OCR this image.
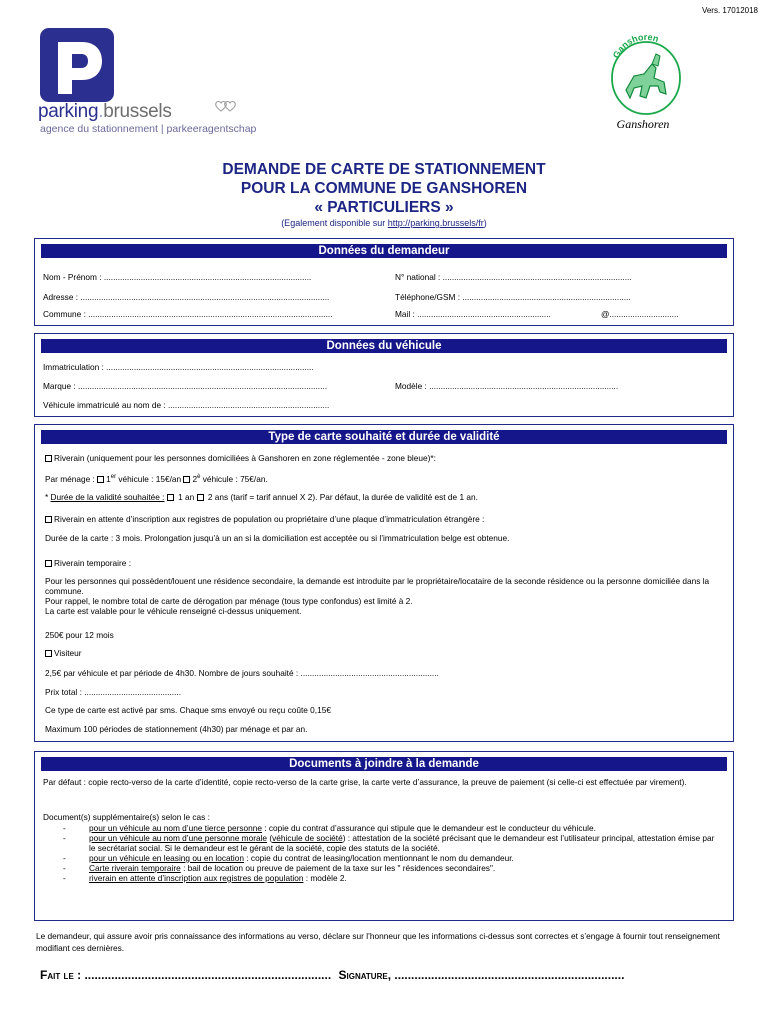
Vers. 17012018
parking.brussels
agence du stationnement | parkeeragentschap
Ganshoren
Ganshoren
DEMANDE DE CARTE DE STATIONNEMENT
POUR LA COMMUNE DE GANSHOREN
« PARTICULIERS »
(Egalement disponible sur http://parking.brussels/fr)
Données du demandeur
Nom - Prénom : ..........................................................................................	N° national : ..................................................................................
Adresse : ............................................................................................................	Téléphone/GSM : .........................................................................
Commune : ..........................................................................................................	Mail : ..........................................................	@..............................
Données du véhicule
Immatriculation : ..........................................................................................
Marque : ............................................................................................................	Modèle : ..................................................................................
Véhicule immatriculé au nom de : ......................................................................
Type de carte souhaité et durée de validité
Riverain (uniquement pour les personnes domiciliées à Ganshoren en zone réglementée - zone bleue)*:
Par ménage : 1er véhicule : 15€/an $2^è$ véhicule : 75€/an.
* Durée de la validité souhaitée :  1 an  2 ans (tarif = tarif annuel X 2). Par défaut, la durée de validité est de 1 an.
Riverain en attente d’inscription aux registres de population ou propriétaire d’une plaque d’immatriculation étrangère :
Durée de la carte : 3 mois. Prolongation jusqu’à un an si la domiciliation est acceptée ou si l’immatriculation belge est obtenue.
Riverain temporaire :
Pour les personnes qui possèdent/louent une résidence secondaire, la demande est introduite par le propriétaire/locataire de la seconde résidence ou la personne domiciliée dans la commune.
Pour rappel, le nombre total de carte de dérogation par ménage (tous type confondus) est limité à 2.
La carte est valable pour le véhicule renseigné ci-dessus uniquement.
250€ pour 12 mois
Visiteur
2,5€ par véhicule et par période de 4h30. Nombre de jours souhaité : ............................................................
Prix total : ..........................................
Ce type de carte est activé par sms. Chaque sms envoyé ou reçu coûte 0,15€
Maximum 100 périodes de stationnement (4h30) par ménage et par an.
Documents à joindre à la demande
Par défaut : copie recto-verso de la carte d’identité, copie recto-verso de la carte grise, la carte verte d’assurance, la preuve de paiement (si celle-ci est effectuée par virement).
Document(s) supplémentaire(s) selon le cas :
-	pour un véhicule au nom d’une tierce personne : copie du contrat d’assurance qui stipule que le demandeur est le conducteur du véhicule.
-	pour un véhicule au nom d’une personne morale (véhicule de société) : attestation de la société précisant que le demandeur est l’utilisateur principal, attestation émise par le secrétariat social. Si le demandeur est le gérant de la société, copie des statuts de la société.
-	pour un véhicule en leasing ou en location : copie du contrat de leasing/location mentionnant le nom du demandeur.
-	Carte riverain temporaire : bail de location ou preuve de paiement de la taxe sur les " résidences secondaires".
-	riverain en attente d’inscription aux registres de population : modèle 2.
Le demandeur, qui assure avoir pris connaissance des informations au verso, déclare sur l’honneur que les informations ci-dessus sont correctes et s’engage à fournir tout renseignement modifiant ces dernières.
Fait le : .......................................................................... Signature, .....................................................................
